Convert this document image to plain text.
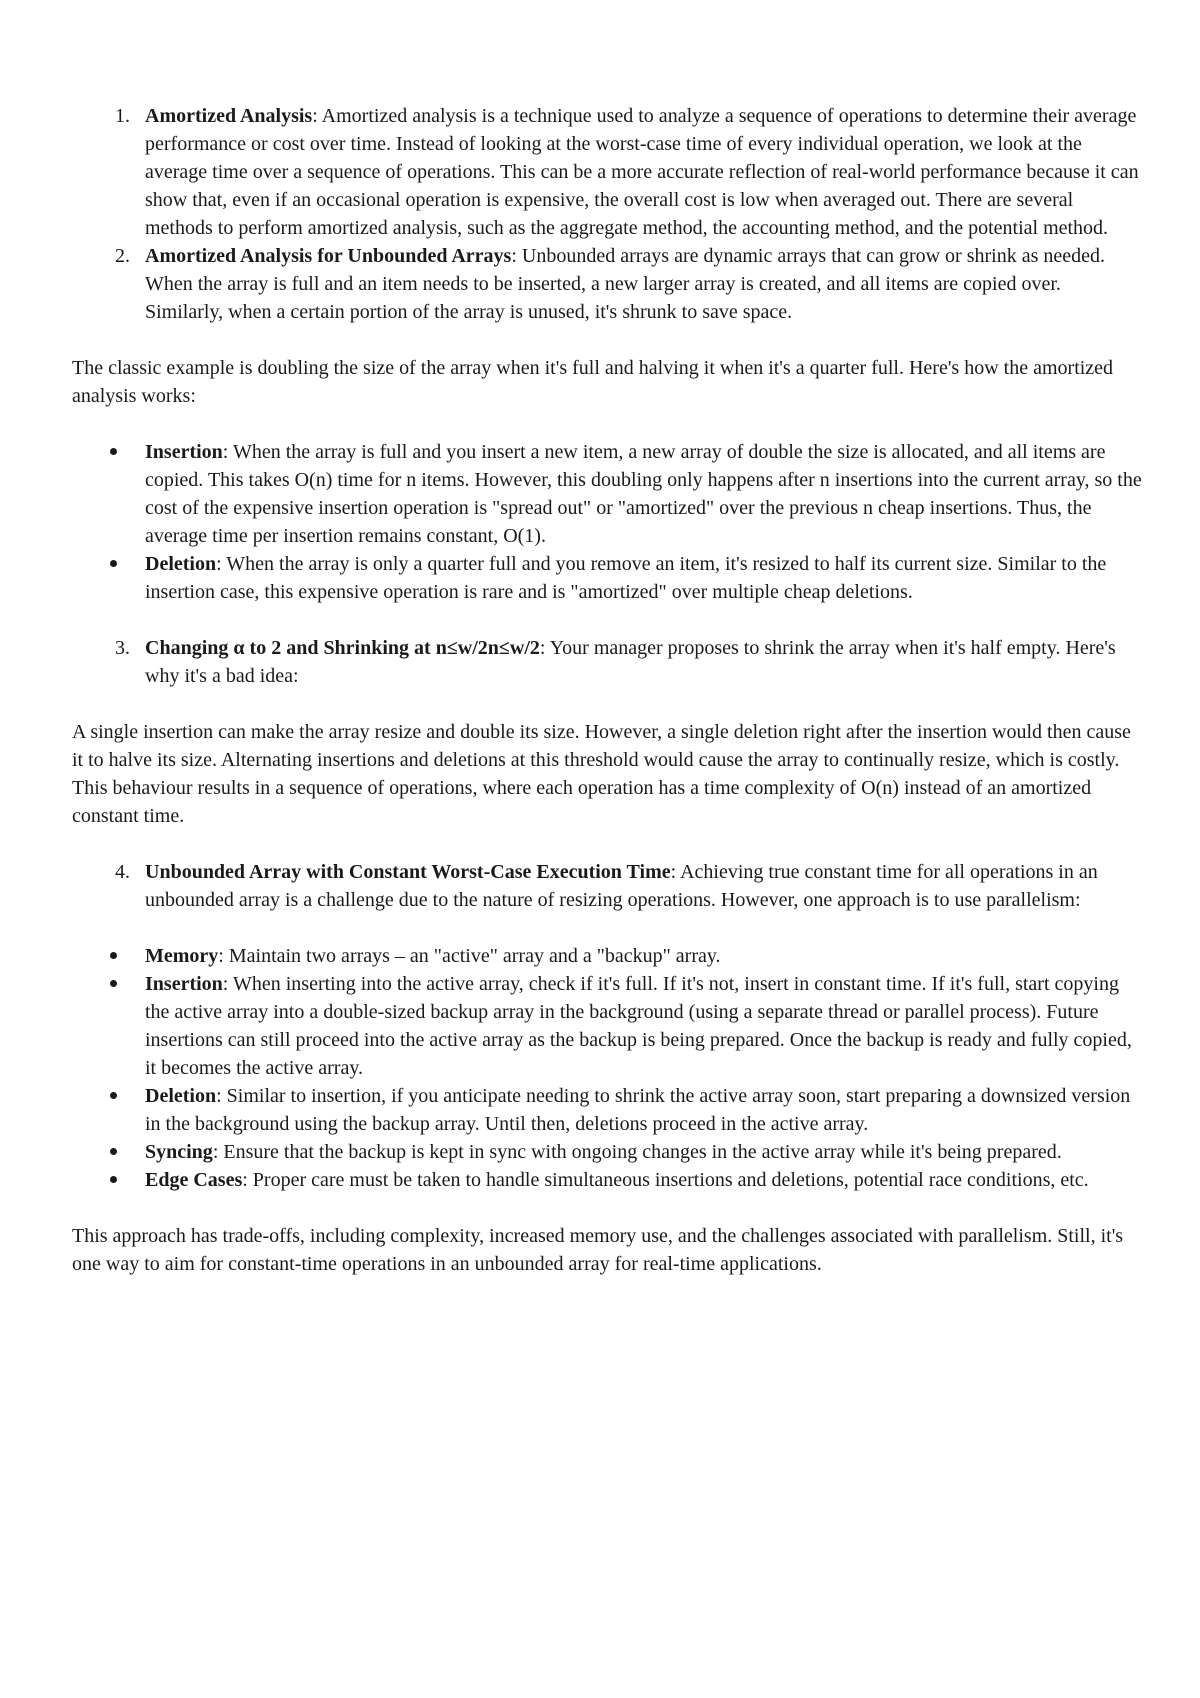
1. Amortized Analysis: Amortized analysis is a technique used to analyze a sequence of operations to determine their average performance or cost over time. Instead of looking at the worst-case time of every individual operation, we look at the average time over a sequence of operations. This can be a more accurate reflection of real-world performance because it can show that, even if an occasional operation is expensive, the overall cost is low when averaged out. There are several methods to perform amortized analysis, such as the aggregate method, the accounting method, and the potential method.
2. Amortized Analysis for Unbounded Arrays: Unbounded arrays are dynamic arrays that can grow or shrink as needed. When the array is full and an item needs to be inserted, a new larger array is created, and all items are copied over. Similarly, when a certain portion of the array is unused, it's shrunk to save space.

The classic example is doubling the size of the array when it's full and halving it when it's a quarter full. Here's how the amortized analysis works:

Insertion: When the array is full and you insert a new item, a new array of double the size is allocated, and all items are copied. This takes O(n) time for n items. However, this doubling only happens after n insertions into the current array, so the cost of the expensive insertion operation is "spread out" or "amortized" over the previous n cheap insertions. Thus, the average time per insertion remains constant, O(1).
Deletion: When the array is only a quarter full and you remove an item, it's resized to half its current size. Similar to the insertion case, this expensive operation is rare and is "amortized" over multiple cheap deletions.
3. Changing α to 2 and Shrinking at n≤w/2n≤w/2: Your manager proposes to shrink the array when it's half empty. Here's why it's a bad idea:

A single insertion can make the array resize and double its size. However, a single deletion right after the insertion would then cause it to halve its size. Alternating insertions and deletions at this threshold would cause the array to continually resize, which is costly. This behaviour results in a sequence of operations, where each operation has a time complexity of O(n) instead of an amortized constant time.

4. Unbounded Array with Constant Worst-Case Execution Time: Achieving true constant time for all operations in an unbounded array is a challenge due to the nature of resizing operations. However, one approach is to use parallelism:
Memory: Maintain two arrays – an "active" array and a "backup" array.
Insertion: When inserting into the active array, check if it's full. If it's not, insert in constant time. If it's full, start copying the active array into a double-sized backup array in the background (using a separate thread or parallel process). Future insertions can still proceed into the active array as the backup is being prepared. Once the backup is ready and fully copied, it becomes the active array.
Deletion: Similar to insertion, if you anticipate needing to shrink the active array soon, start preparing a downsized version in the background using the backup array. Until then, deletions proceed in the active array.
Syncing: Ensure that the backup is kept in sync with ongoing changes in the active array while it's being prepared.
Edge Cases: Proper care must be taken to handle simultaneous insertions and deletions, potential race conditions, etc.

This approach has trade-offs, including complexity, increased memory use, and the challenges associated with parallelism. Still, it's one way to aim for constant-time operations in an unbounded array for real-time applications.
